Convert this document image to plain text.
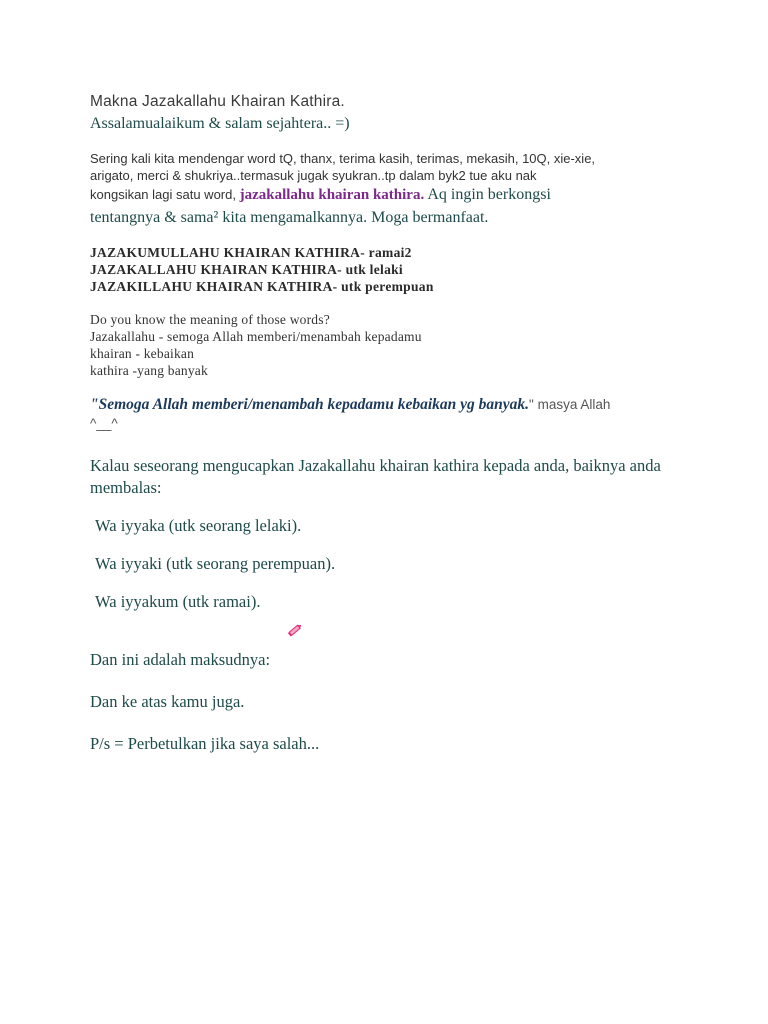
Makna Jazakallahu Khairan Kathira.

Assalamualaikum & salam sejahtera.. =)

Sering kali kita mendengar word tQ, thanx, terima kasih, terimas, mekasih, 10Q, xie-xie,
arigato, merci & shukriya..termasuk jugak syukran..tp dalam byk2 tue aku nak
kongsikan lagi satu word, jazakallahu khairan kathira. Aq ingin berkongsi
tentangnya & sama² kita mengamalkannya. Moga bermanfaat.
JAZAKUMULLAHU KHAIRAN KATHIRA- ramai2
JAZAKALLAHU KHAIRAN KATHIRA- utk lelaki
JAZAKILLAHU KHAIRAN KATHIRA- utk perempuan
Do you know the meaning of those words?
Jazakallahu - semoga Allah memberi/menambah kepadamu
khairan - kebaikan
kathira -yang banyak
"Semoga Allah memberi/menambah kepadamu kebaikan yg banyak." masya Allah
^__^
Kalau seseorang mengucapkan Jazakallahu khairan kathira kepada anda, baiknya anda membalas:
Wa iyyaka (utk seorang lelaki).
Wa iyyaki (utk seorang perempuan).
Wa iyyakum (utk ramai).
Dan ini adalah maksudnya:
Dan ke atas kamu juga.
P/s = Perbetulkan jika saya salah...
